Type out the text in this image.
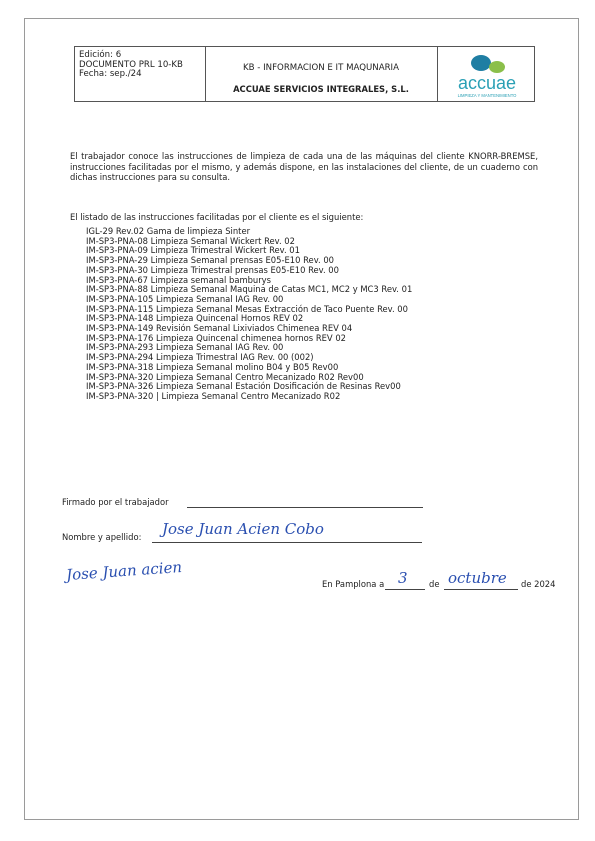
Edición: 6
DOCUMENTO PRL 10-KB
Fecha: sep./24
KB - INFORMACION E IT MAQUNARIA
ACCUAE SERVICIOS INTEGRALES, S.L.	accuae
LIMPIEZA Y MANTENIMIENTO
El trabajador conoce las instrucciones de limpieza de cada una de las máquinas del cliente KNORR-BREMSE, instrucciones facilitadas por el mismo, y además dispone, en las instalaciones del cliente, de un cuaderno con dichas instrucciones para su consulta.
El listado de las instrucciones facilitadas por el cliente es el siguiente:
IGL-29 Rev.02 Gama de limpieza Sinter
IM-SP3-PNA-08 Limpieza Semanal Wickert Rev. 02
IM-SP3-PNA-09 Limpieza Trimestral Wickert Rev. 01
IM-SP3-PNA-29 Limpieza Semanal prensas E05-E10 Rev. 00
IM-SP3-PNA-30 Limpieza Trimestral prensas E05-E10 Rev. 00
IM-SP3-PNA-67 Limpieza semanal bamburys
IM-SP3-PNA-88 Limpieza Semanal Maquina de Catas MC1, MC2 y MC3 Rev. 01
IM-SP3-PNA-105 Limpieza Semanal IAG Rev. 00
IM-SP3-PNA-115 Limpieza Semanal Mesas Extracción de Taco Puente Rev. 00
IM-SP3-PNA-148 Limpieza Quincenal Hornos REV 02
IM-SP3-PNA-149 Revisión Semanal Lixiviados Chimenea REV 04
IM-SP3-PNA-176 Limpieza Quincenal chimenea hornos REV 02
IM-SP3-PNA-293 Limpieza Semanal IAG Rev. 00
IM-SP3-PNA-294 Limpieza Trimestral IAG Rev. 00 (002)
IM-SP3-PNA-318 Limpieza Semanal molino B04 y B05 Rev00
IM-SP3-PNA-320 Limpieza Semanal Centro Mecanizado R02 Rev00
IM-SP3-PNA-326 Limpieza Semanal Estación Dosificación de Resinas Rev00
IM-SP3-PNA-320 | Limpieza Semanal Centro Mecanizado R02
Firmado por el trabajador
Nombre y apellido: Jose Juan Acien Cobo
Jose Juan acien	En Pamplona a 3	de octubre de 2024
